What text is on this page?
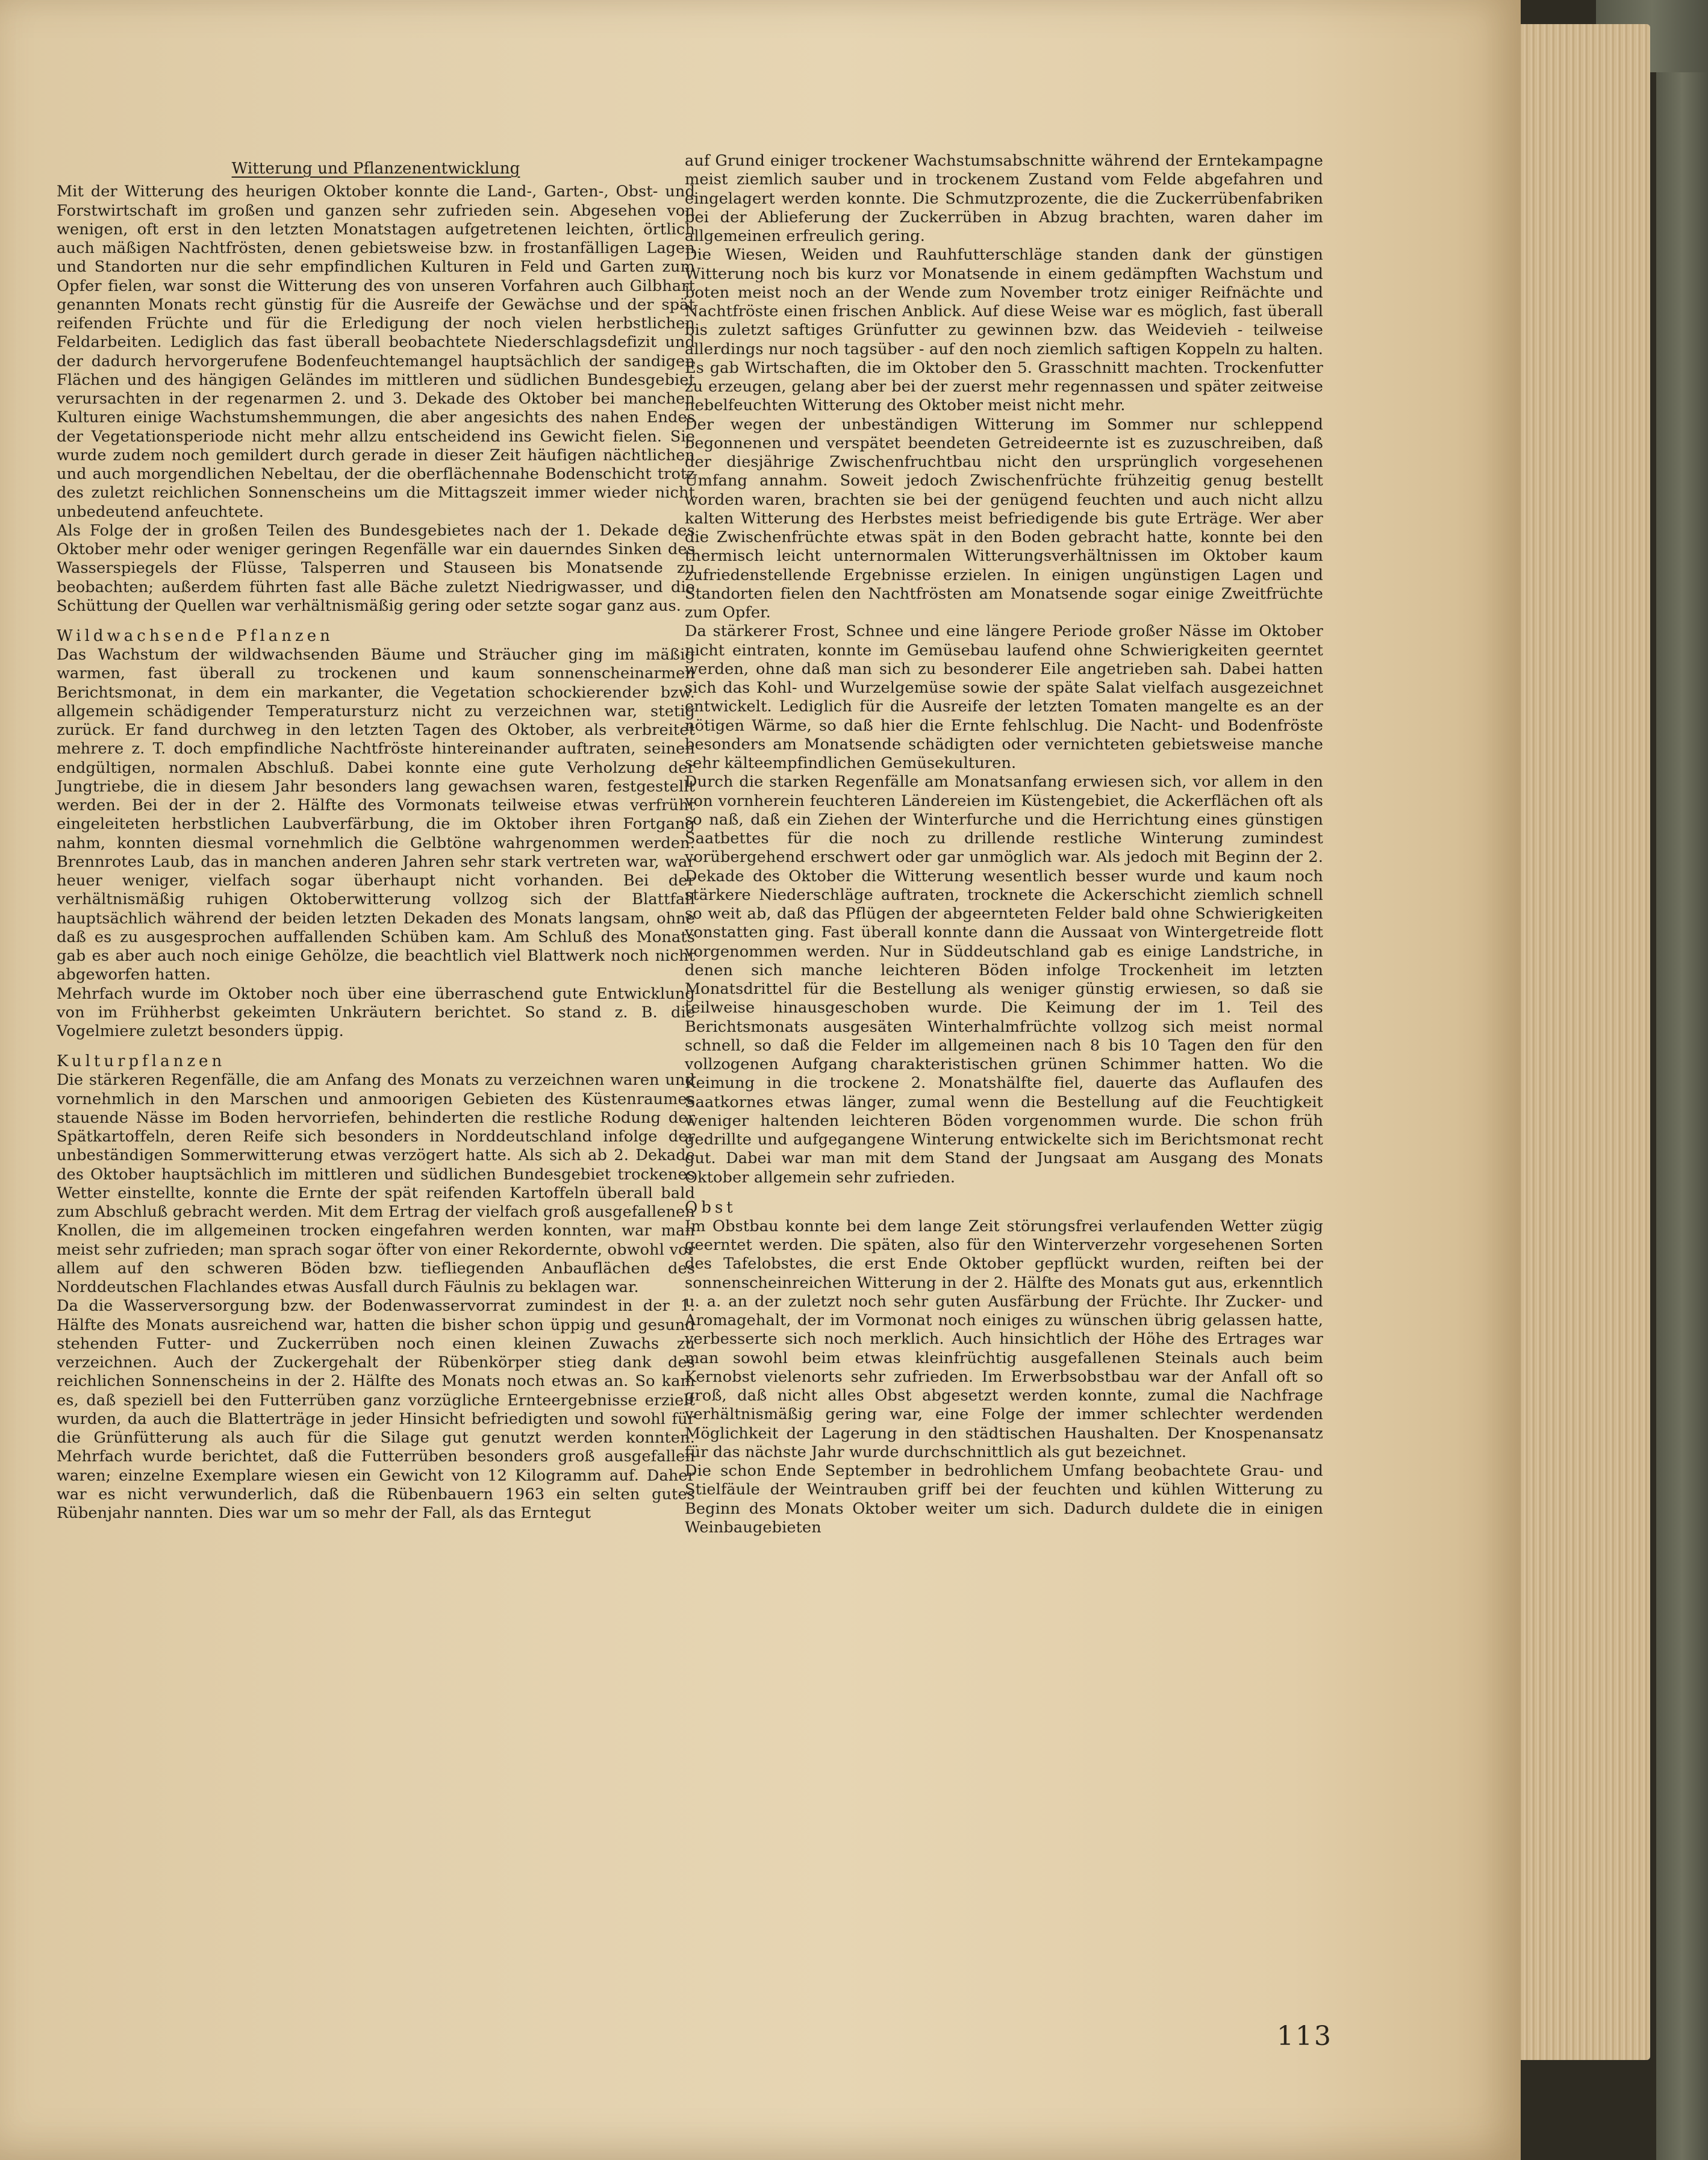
Witterung und Pflanzenentwicklung

Mit der Witterung des heurigen Oktober konnte die Land-, Garten-, Obst- und Forstwirtschaft im großen und ganzen sehr zufrieden sein. Abgesehen von wenigen, oft erst in den letzten Monatstagen aufgetretenen leichten, örtlich auch mäßigen Nachtfrösten, denen gebietsweise bzw. in frostanfälligen Lagen und Standorten nur die sehr empfindlichen Kulturen in Feld und Garten zum Opfer fielen, war sonst die Witterung des von unseren Vorfahren auch Gilbhart genannten Monats recht günstig für die Ausreife der Gewächse und der spät reifenden Früchte und für die Erledigung der noch vielen herbstlichen Feldarbeiten. Lediglich das fast überall beobachtete Niederschlagsdefizit und der dadurch hervorgerufene Bodenfeuchtemangel hauptsächlich der sandigen Flächen und des hängigen Geländes im mittleren und südlichen Bundesgebiet verursachten in der regenarmen 2. und 3. Dekade des Oktober bei manchen Kulturen einige Wachstumshemmungen, die aber angesichts des nahen Endes der Vegetationsperiode nicht mehr allzu entscheidend ins Gewicht fielen. Sie wurde zudem noch gemildert durch gerade in dieser Zeit häufigen nächtlichen und auch morgendlichen Nebeltau, der die oberflächennahe Bodenschicht trotz des zuletzt reichlichen Sonnenscheins um die Mittagszeit immer wieder nicht unbedeutend anfeuchtete.

Als Folge der in großen Teilen des Bundesgebietes nach der 1. Dekade des Oktober mehr oder weniger geringen Regenfälle war ein dauerndes Sinken des Wasserspiegels der Flüsse, Talsperren und Stauseen bis Monatsende zu beobachten; außerdem führten fast alle Bäche zuletzt Niedrigwasser, und die Schüttung der Quellen war verhältnismäßig gering oder setzte sogar ganz aus.

Wildwachsende Pflanzen

Das Wachstum der wildwachsenden Bäume und Sträucher ging im mäßig warmen, fast überall zu trockenen und kaum sonnenscheinarmen Berichtsmonat, in dem ein markanter, die Vegetation schockierender bzw. allgemein schädigender Temperatursturz nicht zu verzeichnen war, stetig zurück. Er fand durchweg in den letzten Tagen des Oktober, als verbreitet mehrere z. T. doch empfindliche Nachtfröste hintereinander auftraten, seinen endgültigen, normalen Abschluß. Dabei konnte eine gute Verholzung der Jungtriebe, die in diesem Jahr besonders lang gewachsen waren, festgestellt werden. Bei der in der 2. Hälfte des Vormonats teilweise etwas verfrüht eingeleiteten herbstlichen Laubverfärbung, die im Oktober ihren Fortgang nahm, konnten diesmal vornehmlich die Gelbtöne wahrgenommen werden. Brennrotes Laub, das in manchen anderen Jahren sehr stark vertreten war, war heuer weniger, vielfach sogar überhaupt nicht vorhanden. Bei der verhältnismäßig ruhigen Oktoberwitterung vollzog sich der Blattfall hauptsächlich während der beiden letzten Dekaden des Monats langsam, ohne daß es zu ausgesprochen auffallenden Schüben kam. Am Schluß des Monats gab es aber auch noch einige Gehölze, die beachtlich viel Blattwerk noch nicht abgeworfen hatten.

Mehrfach wurde im Oktober noch über eine überraschend gute Entwicklung von im Frühherbst gekeimten Unkräutern berichtet. So stand z. B. die Vogelmiere zuletzt besonders üppig.

Kulturpflanzen

Die stärkeren Regenfälle, die am Anfang des Monats zu verzeichnen waren und vornehmlich in den Marschen und anmoorigen Gebieten des Küstenraumes stauende Nässe im Boden hervorriefen, behinderten die restliche Rodung der Spätkartoffeln, deren Reife sich besonders in Norddeutschland infolge der unbeständigen Sommerwitterung etwas verzögert hatte. Als sich ab 2. Dekade des Oktober hauptsächlich im mittleren und südlichen Bundesgebiet trockenes Wetter einstellte, konnte die Ernte der spät reifenden Kartoffeln überall bald zum Abschluß gebracht werden. Mit dem Ertrag der vielfach groß ausgefallenen Knollen, die im allgemeinen trocken eingefahren werden konnten, war man meist sehr zufrieden; man sprach sogar öfter von einer Rekordernte, obwohl vor allem auf den schweren Böden bzw. tiefliegenden Anbauflächen des Norddeutschen Flachlandes etwas Ausfall durch Fäulnis zu beklagen war.

Da die Wasserversorgung bzw. der Bodenwasservorrat zumindest in der 1. Hälfte des Monats ausreichend war, hatten die bisher schon üppig und gesund stehenden Futter- und Zuckerrüben noch einen kleinen Zuwachs zu verzeichnen. Auch der Zuckergehalt der Rübenkörper stieg dank des reichlichen Sonnenscheins in der 2. Hälfte des Monats noch etwas an. So kam es, daß speziell bei den Futterrüben ganz vorzügliche Ernteergebnisse erzielt wurden, da auch die Blatterträge in jeder Hinsicht befriedigten und sowohl für die Grünfütterung als auch für die Silage gut genutzt werden konnten. Mehrfach wurde berichtet, daß die Futterrüben besonders groß ausgefallen waren; einzelne Exemplare wiesen ein Gewicht von 12 Kilogramm auf. Daher war es nicht verwunderlich, daß die Rübenbauern 1963 ein selten gutes Rübenjahr nannten. Dies war um so mehr der Fall, als das Erntegut

auf Grund einiger trockener Wachstumsabschnitte während der Erntekampagne meist ziemlich sauber und in trockenem Zustand vom Felde abgefahren und eingelagert werden konnte. Die Schmutzprozente, die die Zuckerrübenfabriken bei der Ablieferung der Zuckerrüben in Abzug brachten, waren daher im allgemeinen erfreulich gering.

Die Wiesen, Weiden und Rauhfutterschläge standen dank der günstigen Witterung noch bis kurz vor Monatsende in einem gedämpften Wachstum und boten meist noch an der Wende zum November trotz einiger Reifnächte und Nachtfröste einen frischen Anblick. Auf diese Weise war es möglich, fast überall bis zuletzt saftiges Grünfutter zu gewinnen bzw. das Weidevieh - teilweise allerdings nur noch tagsüber - auf den noch ziemlich saftigen Koppeln zu halten. Es gab Wirtschaften, die im Oktober den 5. Grasschnitt machten. Trockenfutter zu erzeugen, gelang aber bei der zuerst mehr regennassen und später zeitweise nebelfeuchten Witterung des Oktober meist nicht mehr.

Der wegen der unbeständigen Witterung im Sommer nur schleppend begonnenen und verspätet beendeten Getreideernte ist es zuzuschreiben, daß der diesjährige Zwischenfruchtbau nicht den ursprünglich vorgesehenen Umfang annahm. Soweit jedoch Zwischenfrüchte frühzeitig genug bestellt worden waren, brachten sie bei der genügend feuchten und auch nicht allzu kalten Witterung des Herbstes meist befriedigende bis gute Erträge. Wer aber die Zwischenfrüchte etwas spät in den Boden gebracht hatte, konnte bei den thermisch leicht unternormalen Witterungsverhältnissen im Oktober kaum zufriedenstellende Ergebnisse erzielen. In einigen ungünstigen Lagen und Standorten fielen den Nachtfrösten am Monatsende sogar einige Zweitfrüchte zum Opfer.

Da stärkerer Frost, Schnee und eine längere Periode großer Nässe im Oktober nicht eintraten, konnte im Gemüsebau laufend ohne Schwierigkeiten geerntet werden, ohne daß man sich zu besonderer Eile angetrieben sah. Dabei hatten sich das Kohl- und Wurzelgemüse sowie der späte Salat vielfach ausgezeichnet entwickelt. Lediglich für die Ausreife der letzten Tomaten mangelte es an der nötigen Wärme, so daß hier die Ernte fehlschlug. Die Nacht- und Bodenfröste besonders am Monatsende schädigten oder vernichteten gebietsweise manche sehr kälteempfindlichen Gemüsekulturen.

Durch die starken Regenfälle am Monatsanfang erwiesen sich, vor allem in den von vornherein feuchteren Ländereien im Küstengebiet, die Ackerflächen oft als so naß, daß ein Ziehen der Winterfurche und die Herrichtung eines günstigen Saatbettes für die noch zu drillende restliche Winterung zumindest vorübergehend erschwert oder gar unmöglich war. Als jedoch mit Beginn der 2. Dekade des Oktober die Witterung wesentlich besser wurde und kaum noch stärkere Niederschläge auftraten, trocknete die Ackerschicht ziemlich schnell so weit ab, daß das Pflügen der abgeernteten Felder bald ohne Schwierigkeiten vonstatten ging. Fast überall konnte dann die Aussaat von Wintergetreide flott vorgenommen werden. Nur in Süddeutschland gab es einige Landstriche, in denen sich manche leichteren Böden infolge Trockenheit im letzten Monatsdrittel für die Bestellung als weniger günstig erwiesen, so daß sie teilweise hinausgeschoben wurde. Die Keimung der im 1. Teil des Berichtsmonats ausgesäten Winterhalmfrüchte vollzog sich meist normal schnell, so daß die Felder im allgemeinen nach 8 bis 10 Tagen den für den vollzogenen Aufgang charakteristischen grünen Schimmer hatten. Wo die Keimung in die trockene 2. Monatshälfte fiel, dauerte das Auflaufen des Saatkornes etwas länger, zumal wenn die Bestellung auf die Feuchtigkeit weniger haltenden leichteren Böden vorgenommen wurde. Die schon früh gedrillte und aufgegangene Winterung entwickelte sich im Berichtsmonat recht gut. Dabei war man mit dem Stand der Jungsaat am Ausgang des Monats Oktober allgemein sehr zufrieden.

Obst

Im Obstbau konnte bei dem lange Zeit störungsfrei verlaufenden Wetter zügig geerntet werden. Die späten, also für den Winterverzehr vorgesehenen Sorten des Tafelobstes, die erst Ende Oktober gepflückt wurden, reiften bei der sonnenscheinreichen Witterung in der 2. Hälfte des Monats gut aus, erkenntlich u. a. an der zuletzt noch sehr guten Ausfärbung der Früchte. Ihr Zucker- und Aromagehalt, der im Vormonat noch einiges zu wünschen übrig gelassen hatte, verbesserte sich noch merklich. Auch hinsichtlich der Höhe des Ertrages war man sowohl beim etwas kleinfrüchtig ausgefallenen Steinals auch beim Kernobst vielenorts sehr zufrieden. Im Erwerbsobstbau war der Anfall oft so groß, daß nicht alles Obst abgesetzt werden konnte, zumal die Nachfrage verhältnismäßig gering war, eine Folge der immer schlechter werdenden Möglichkeit der Lagerung in den städtischen Haushalten. Der Knospenansatz für das nächste Jahr wurde durchschnittlich als gut bezeichnet.

Die schon Ende September in bedrohlichem Umfang beobachtete Grau- und Stielfäule der Weintrauben griff bei der feuchten und kühlen Witterung zu Beginn des Monats Oktober weiter um sich. Dadurch duldete die in einigen Weinbaugebieten

113
